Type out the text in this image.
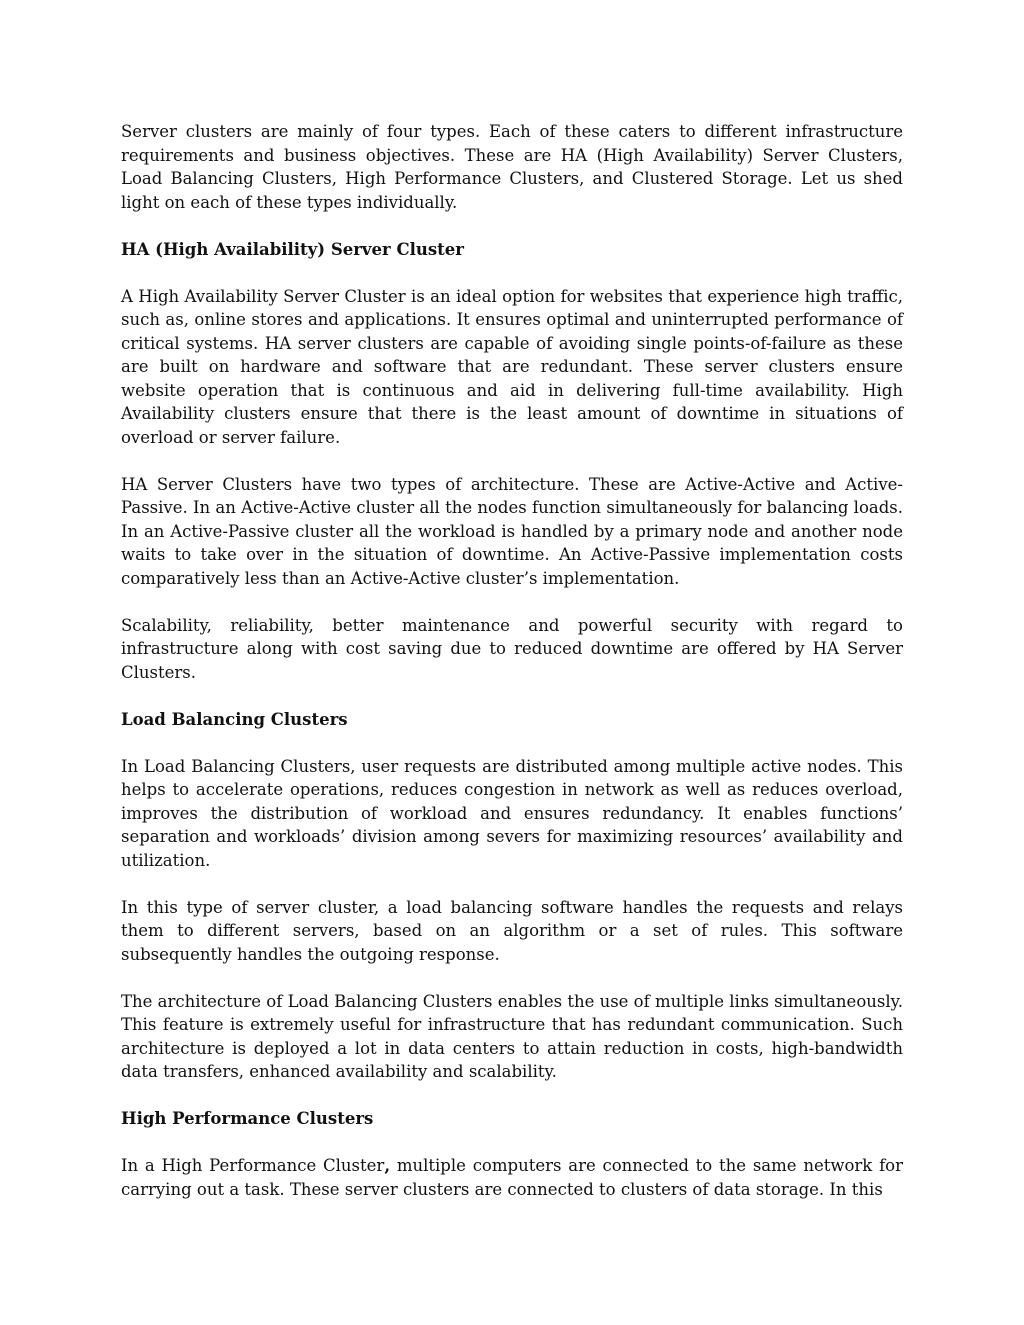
Server clusters are mainly of four types. Each of these caters to different infrastructure requirements and business objectives. These are HA (High Availability) Server Clusters, Load Balancing Clusters, High Performance Clusters, and Clustered Storage. Let us shed light on each of these types individually.

HA (High Availability) Server Cluster

A High Availability Server Cluster is an ideal option for websites that experience high traffic, such as, online stores and applications. It ensures optimal and uninterrupted performance of critical systems. HA server clusters are capable of avoiding single points-of-failure as these are built on hardware and software that are redundant. These server clusters ensure website operation that is continuous and aid in delivering full-time availability. High Availability clusters ensure that there is the least amount of downtime in situations of overload or server failure.

HA Server Clusters have two types of architecture. These are Active-Active and Active-Passive. In an Active-Active cluster all the nodes function simultaneously for balancing loads. In an Active-Passive cluster all the workload is handled by a primary node and another node waits to take over in the situation of downtime. An Active-Passive implementation costs comparatively less than an Active-Active cluster’s implementation.

Scalability, reliability, better maintenance and powerful security with regard to infrastructure along with cost saving due to reduced downtime are offered by HA Server Clusters.

Load Balancing Clusters

In Load Balancing Clusters, user requests are distributed among multiple active nodes. This helps to accelerate operations, reduces congestion in network as well as reduces overload, improves the distribution of workload and ensures redundancy. It enables functions’ separation and workloads’ division among severs for maximizing resources’ availability and utilization.

In this type of server cluster, a load balancing software handles the requests and relays them to different servers, based on an algorithm or a set of rules. This software subsequently handles the outgoing response.

The architecture of Load Balancing Clusters enables the use of multiple links simultaneously. This feature is extremely useful for infrastructure that has redundant communication. Such architecture is deployed a lot in data centers to attain reduction in costs, high-bandwidth data transfers, enhanced availability and scalability.

High Performance Clusters

In a High Performance Cluster, multiple computers are connected to the same network for carrying out a task. These server clusters are connected to clusters of data storage. In this
